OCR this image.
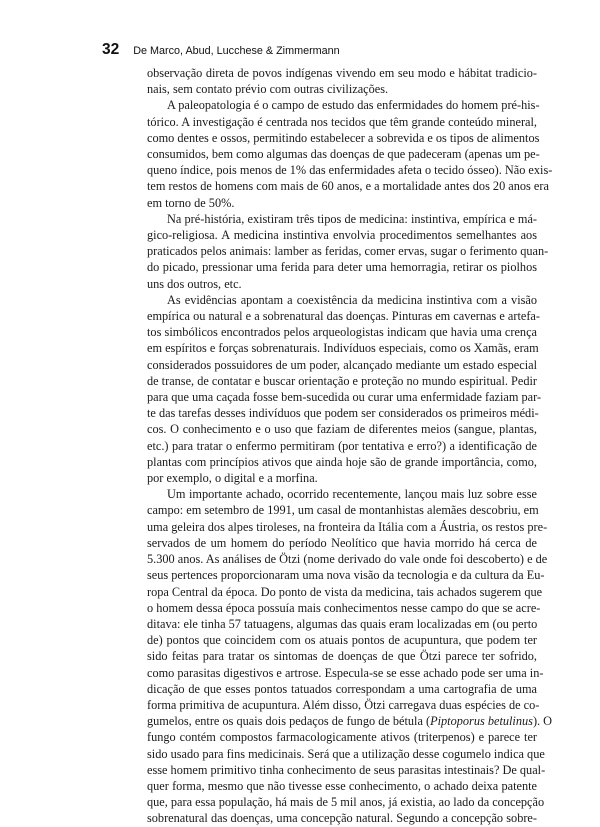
32 De Marco, Abud, Lucchese & Zimmermann

observação direta de povos indígenas vivendo em seu modo e hábitat tradicio-
nais, sem contato prévio com outras civilizações.

A paleopatologia é o campo de estudo das enfermidades do homem pré-his-
tórico. A investigação é centrada nos tecidos que têm grande conteúdo mineral,
como dentes e ossos, permitindo estabelecer a sobrevida e os tipos de alimentos
consumidos, bem como algumas das doenças de que padeceram (apenas um pe-
queno índice, pois menos de 1% das enfermidades afeta o tecido ósseo). Não exis-
tem restos de homens com mais de 60 anos, e a mortalidade antes dos 20 anos era
em torno de 50%.

Na pré-história, existiram três tipos de medicina: instintiva, empírica e má-
gico-religiosa. A medicina instintiva envolvia procedimentos semelhantes aos
praticados pelos animais: lamber as feridas, comer ervas, sugar o ferimento quan-
do picado, pressionar uma ferida para deter uma hemorragia, retirar os piolhos
uns dos outros, etc.

As evidências apontam a coexistência da medicina instintiva com a visão
empírica ou natural e a sobrenatural das doenças. Pinturas em cavernas e artefa-
tos simbólicos encontrados pelos arqueologistas indicam que havia uma crença
em espíritos e forças sobrenaturais. Indivíduos especiais, como os Xamãs, eram
considerados possuidores de um poder, alcançado mediante um estado especial
de transe, de contatar e buscar orientação e proteção no mundo espiritual. Pedir
para que uma caçada fosse bem-sucedida ou curar uma enfermidade faziam par-
te das tarefas desses indivíduos que podem ser considerados os primeiros médi-
cos. O conhecimento e o uso que faziam de diferentes meios (sangue, plantas,
etc.) para tratar o enfermo permitiram (por tentativa e erro?) a identificação de
plantas com princípios ativos que ainda hoje são de grande importância, como,
por exemplo, o digital e a morfina.

Um importante achado, ocorrido recentemente, lançou mais luz sobre esse
campo: em setembro de 1991, um casal de montanhistas alemães descobriu, em
uma geleira dos alpes tiroleses, na fronteira da Itália com a Áustria, os restos pre-
servados de um homem do período Neolítico que havia morrido há cerca de
5.300 anos. As análises de Ötzi (nome derivado do vale onde foi descoberto) e de
seus pertences proporcionaram uma nova visão da tecnologia e da cultura da Eu-
ropa Central da época. Do ponto de vista da medicina, tais achados sugerem que
o homem dessa época possuía mais conhecimentos nesse campo do que se acre-
ditava: ele tinha 57 tatuagens, algumas das quais eram localizadas em (ou perto
de) pontos que coincidem com os atuais pontos de acupuntura, que podem ter
sido feitas para tratar os sintomas de doenças de que Ötzi parece ter sofrido,
como parasitas digestivos e artrose. Especula-se se esse achado pode ser uma in-
dicação de que esses pontos tatuados correspondam a uma cartografia de uma
forma primitiva de acupuntura. Além disso, Ötzi carregava duas espécies de co-
gumelos, entre os quais dois pedaços de fungo de bétula (Piptoporus betulinus). O
fungo contém compostos farmacologicamente ativos (triterpenos) e parece ter
sido usado para fins medicinais. Será que a utilização desse cogumelo indica que
esse homem primitivo tinha conhecimento de seus parasitas intestinais? De qual-
quer forma, mesmo que não tivesse esse conhecimento, o achado deixa patente
que, para essa população, há mais de 5 mil anos, já existia, ao lado da concepção
sobrenatural das doenças, uma concepção natural. Segundo a concepção sobre-
